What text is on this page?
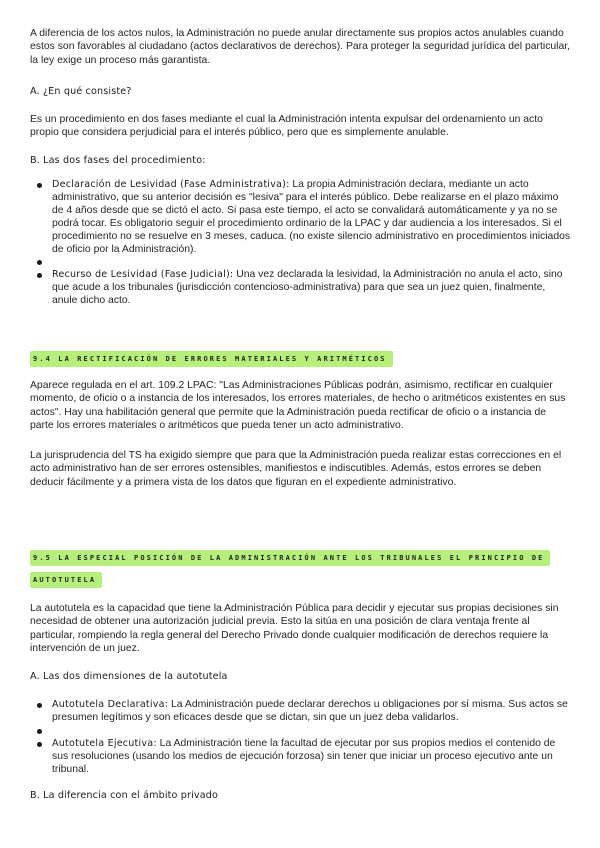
A diferencia de los actos nulos, la Administración no puede anular directamente sus propios actos anulables cuando estos son favorables al ciudadano (actos declarativos de derechos). Para proteger la seguridad jurídica del particular, la ley exige un proceso más garantista.

A. ¿En qué consiste?

Es un procedimiento en dos fases mediante el cual la Administración intenta expulsar del ordenamiento un acto propio que considera perjudicial para el interés público, pero que es simplemente anulable.

B. Las dos fases del procedimiento:
Declaración de Lesividad (Fase Administrativa): La propia Administración declara, mediante un acto administrativo, que su anterior decisión es "lesiva" para el interés público. Debe realizarse en el plazo máximo de 4 años desde que se dictó el acto. Si pasa este tiempo, el acto se convalidará automáticamente y ya no se podrá tocar. Es obligatorio seguir el procedimiento ordinario de la LPAC y dar audiencia a los interesados. Si el procedimiento no se resuelve en 3 meses, caduca. (no existe silencio administrativo en procedimientos iniciados de oficio por la Administración).
Recurso de Lesividad (Fase Judicial): Una vez declarada la lesividad, la Administración no anula el acto, sino que acude a los tribunales (jurisdicción contencioso-administrativa) para que sea un juez quien, finalmente, anule dicho acto.
9.4 LA RECTIFICACIÓN DE ERRORES MATERIALES Y ARITMÉTICOS

Aparece regulada en el art. 109.2 LPAC: "Las Administraciones Públicas podrán, asimismo, rectificar en cualquier momento, de oficio o a instancia de los interesados, los errores materiales, de hecho o aritméticos existentes en sus actos". Hay una habilitación general que permite que la Administración pueda rectificar de oficio o a instancia de parte los errores materiales o aritméticos que pueda tener un acto administrativo.

La jurisprudencia del TS ha exigido siempre que para que la Administración pueda realizar estas correcciones en el acto administrativo han de ser errores ostensibles, manifiestos e indiscutibles. Además, estos errores se deben deducir fácilmente y a primera vista de los datos que figuran en el expediente administrativo.

9.5 LA ESPECIAL POSICIÓN DE LA ADMINISTRACIÓN ANTE LOS TRIBUNALES EL PRINCIPIO DE
AUTOTUTELA

La autotutela es la capacidad que tiene la Administración Pública para decidir y ejecutar sus propias decisiones sin necesidad de obtener una autorización judicial previa. Esto la sitúa en una posición de clara ventaja frente al particular, rompiendo la regla general del Derecho Privado donde cualquier modificación de derechos requiere la intervención de un juez.

A. Las dos dimensiones de la autotutela
Autotutela Declarativa: La Administración puede declarar derechos u obligaciones por sí misma. Sus actos se presumen legítimos y son eficaces desde que se dictan, sin que un juez deba validarlos.
Autotutela Ejecutiva: La Administración tiene la facultad de ejecutar por sus propios medios el contenido de sus resoluciones (usando los medios de ejecución forzosa) sin tener que iniciar un proceso ejecutivo ante un tribunal.
B. La diferencia con el ámbito privado
